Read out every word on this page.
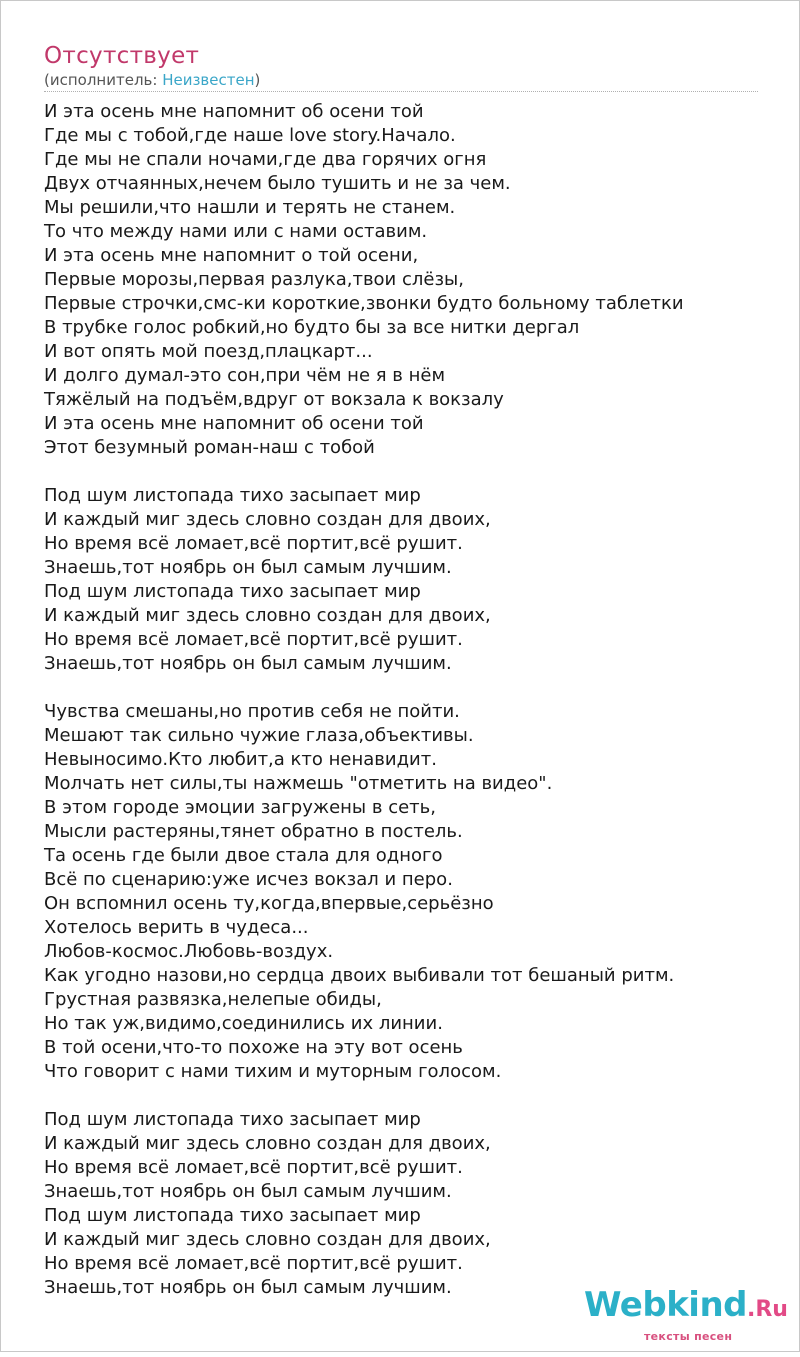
Отсутствует
(исполнитель: Неизвестен)
И эта осень мне напомнит об осени той
Где мы с тобой,где наше love story.Начало.
Где мы не спали ночами,где два горячих огня
Двух отчаянных,нечем было тушить и не за чем.
Мы решили,что нашли и терять не станем.
То что между нами или с нами оставим.
И эта осень мне напомнит о той осени,
Первые морозы,первая разлука,твои слёзы,
Первые строчки,смс-ки короткие,звонки будто больному таблетки
В трубке голос робкий,но будто бы за все нитки дергал
И вот опять мой поезд,плацкарт...
И долго думал-это сон,при чём не я в нём
Тяжёлый на подъём,вдруг от вокзала к вокзалу
И эта осень мне напомнит об осени той
Этот безумный роман-наш с тобой
Под шум листопада тихо засыпает мир
И каждый миг здесь словно создан для двоих,
Но время всё ломает,всё портит,всё рушит.
Знаешь,тот ноябрь он был самым лучшим.
Под шум листопада тихо засыпает мир
И каждый миг здесь словно создан для двоих,
Но время всё ломает,всё портит,всё рушит.
Знаешь,тот ноябрь он был самым лучшим.
Чувства смешаны,но против себя не пойти.
Мешают так сильно чужие глаза,объективы.
Невыносимо.Кто любит,а кто ненавидит.
Молчать нет силы,ты нажмешь "отметить на видео".
В этом городе эмоции загружены в сеть,
Мысли растеряны,тянет обратно в постель.
Та осень где были двое стала для одного
Всё по сценарию:уже исчез вокзал и перо.
Он вспомнил осень ту,когда,впервые,серьёзно
Хотелось верить в чудеса...
Любов-космос.Любовь-воздух.
Как угодно назови,но сердца двоих выбивали тот бешаный ритм.
Грустная развязка,нелепые обиды,
Но так уж,видимо,соединились их линии.
В той осени,что-то похоже на эту вот осень
Что говорит с нами тихим и муторным голосом.
Под шум листопада тихо засыпает мир
И каждый миг здесь словно создан для двоих,
Но время всё ломает,всё портит,всё рушит.
Знаешь,тот ноябрь он был самым лучшим.
Под шум листопада тихо засыпает мир
И каждый миг здесь словно создан для двоих,
Но время всё ломает,всё портит,всё рушит.
Знаешь,тот ноябрь он был самым лучшим.	Webkind.Ru
тексты песен
